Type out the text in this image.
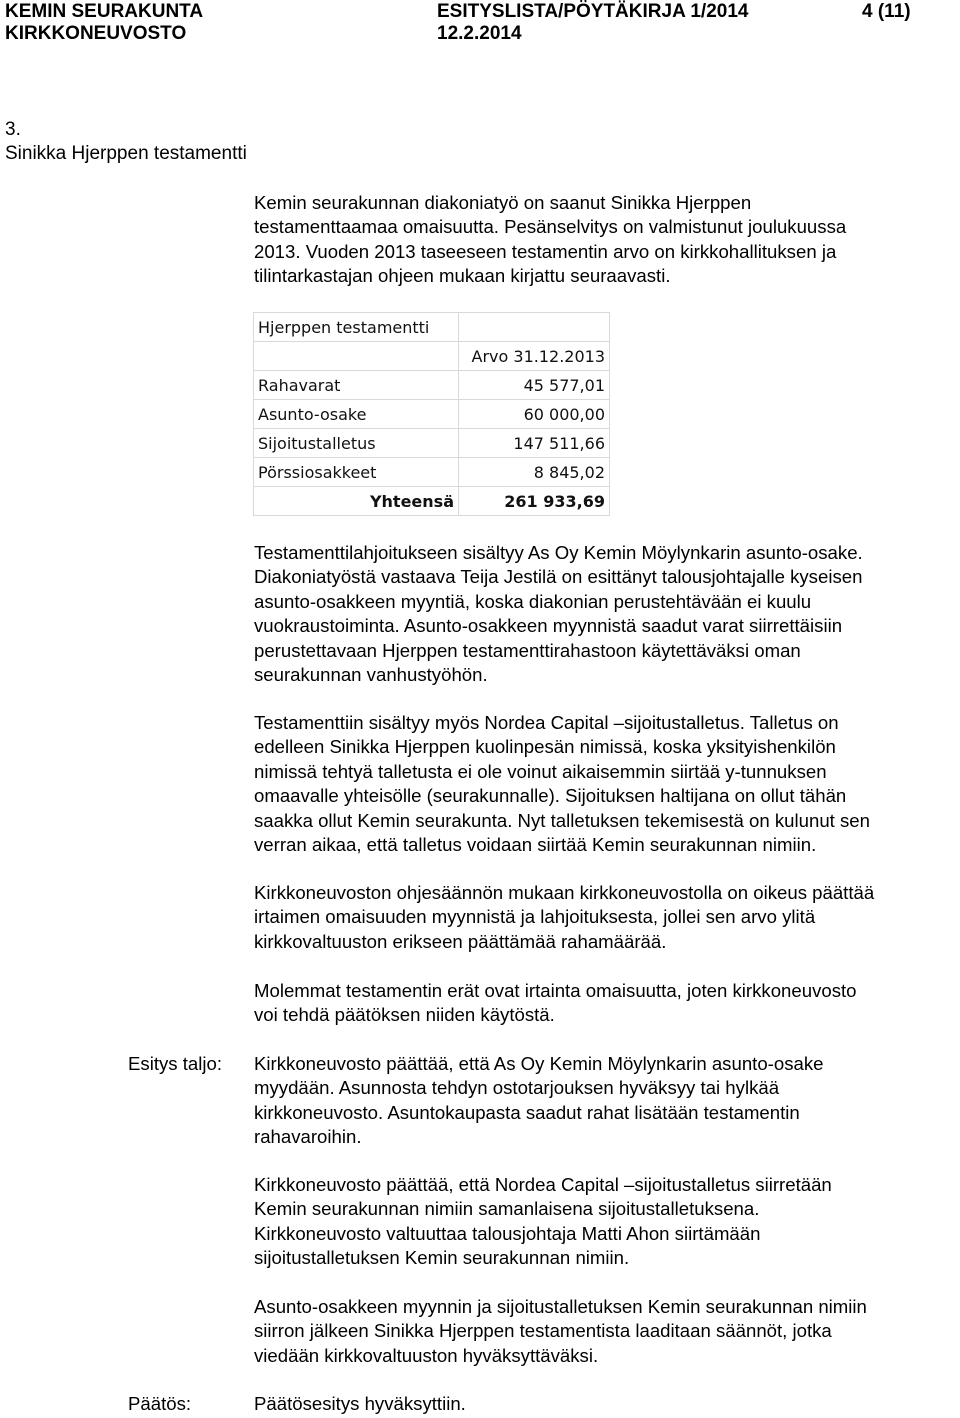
KEMIN SEURAKUNTA
KIRKKONEUVOSTO
ESITYSLISTA/PÖYTÄKIRJA 1/2014
12.2.2014
4 (11)
3.
Sinikka Hjerppen testamentti
Kemin seurakunnan diakoniatyö on saanut Sinikka Hjerppen
testamenttaamaa omaisuutta. Pesänselvitys on valmistunut joulukuussa
2013. Vuoden 2013 taseeseen testamentin arvo on kirkkohallituksen ja
tilintarkastajan ohjeen mukaan kirjattu seuraavasti.
Hjerppen testamentti	
	Arvo 31.12.2013
Rahavarat	45 577,01
Asunto-osake	60 000,00
Sijoitustalletus	147 511,66
Pörssiosakkeet	8 845,02
Yhteensä	261 933,69
Testamenttilahjoitukseen sisältyy As Oy Kemin Möylynkarin asunto-osake.
Diakoniatyöstä vastaava Teija Jestilä on esittänyt talousjohtajalle kyseisen
asunto-osakkeen myyntiä, koska diakonian perustehtävään ei kuulu
vuokraustoiminta. Asunto-osakkeen myynnistä saadut varat siirrettäisiin
perustettavaan Hjerppen testamenttirahastoon käytettäväksi oman
seurakunnan vanhustyöhön.
Testamenttiin sisältyy myös Nordea Capital –sijoitustalletus. Talletus on
edelleen Sinikka Hjerppen kuolinpesän nimissä, koska yksityishenkilön
nimissä tehtyä talletusta ei ole voinut aikaisemmin siirtää y-tunnuksen
omaavalle yhteisölle (seurakunnalle). Sijoituksen haltijana on ollut tähän
saakka ollut Kemin seurakunta. Nyt talletuksen tekemisestä on kulunut sen
verran aikaa, että talletus voidaan siirtää Kemin seurakunnan nimiin.
Kirkkoneuvoston ohjesäännön mukaan kirkkoneuvostolla on oikeus päättää
irtaimen omaisuuden myynnistä ja lahjoituksesta, jollei sen arvo ylitä
kirkkovaltuuston erikseen päättämää rahamäärää.
Molemmat testamentin erät ovat irtainta omaisuutta, joten kirkkoneuvosto
voi tehdä päätöksen niiden käytöstä.
Esitys taljo: Kirkkoneuvosto päättää, että As Oy Kemin Möylynkarin asunto-osake
myydään. Asunnosta tehdyn ostotarjouksen hyväksyy tai hylkää
kirkkoneuvosto. Asuntokaupasta saadut rahat lisätään testamentin
rahavaroihin.
Kirkkoneuvosto päättää, että Nordea Capital –sijoitustalletus siirretään
Kemin seurakunnan nimiin samanlaisena sijoitustalletuksena.
Kirkkoneuvosto valtuuttaa talousjohtaja Matti Ahon siirtämään
sijoitustalletuksen Kemin seurakunnan nimiin.
Asunto-osakkeen myynnin ja sijoitustalletuksen Kemin seurakunnan nimiin
siirron jälkeen Sinikka Hjerppen testamentista laaditaan säännöt, jotka
viedään kirkkovaltuuston hyväksyttäväksi.
Päätös:	Päätösesitys hyväksyttiin.
